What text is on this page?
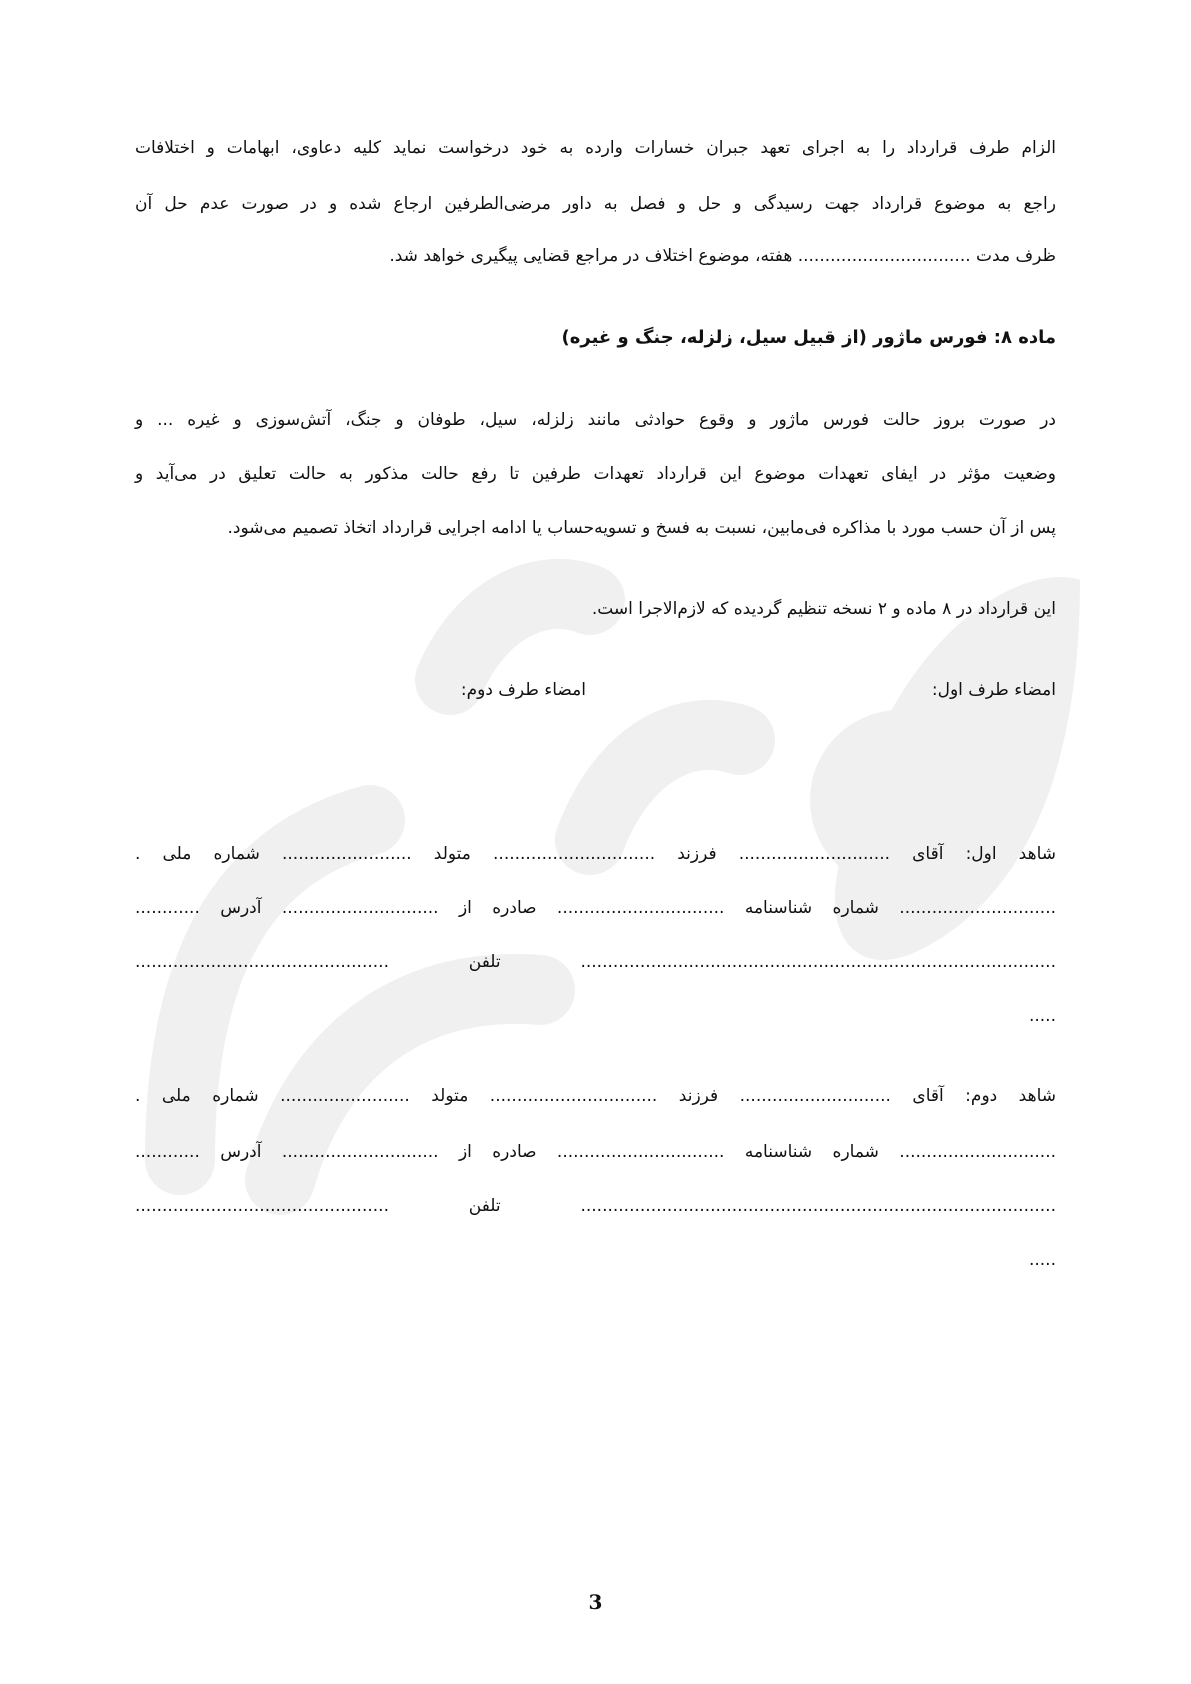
الزام طرف قرارداد را به اجرای تعهد جبران خسارات وارده به خود درخواست نماید کلیه دعاوی، ابهامات و اختلافات
راجع به موضوع قرارداد جهت رسیدگی و حل و فصل به داور مرضی‌الطرفین ارجاع شده و در صورت عدم حل آن
ظرف مدت ................................ هفته، موضوع اختلاف در مراجع قضایی پیگیری خواهد شد.
ماده ۸: فورس ماژور (از قبیل سیل، زلزله، جنگ و غیره)
در صورت بروز حالت فورس ماژور و وقوع حوادثی مانند زلزله، سیل، طوفان و جنگ، آتش‌سوزی و غیره ... و
وضعیت مؤثر در ایفای تعهدات موضوع این قرارداد تعهدات طرفین تا رفع حالت مذکور به حالت تعلیق در می‌آید و
پس از آن حسب مورد با مذاکره فی‌مابین، نسبت به فسخ و تسویه‌حساب یا ادامه اجرایی قرارداد اتخاذ تصمیم می‌شود.
این قرارداد در ۸ ماده و ۲ نسخه تنظیم گردیده که لازم‌الاجرا است.
امضاء طرف اول:
امضاء طرف دوم:
شاهد اول: آقای ............................ فرزند .............................. متولد ........................ شماره ملی .
............................. شماره شناسنامه ............................... صادره از ............................. آدرس ............
........................................................................................ تلفن ...............................................
.....
شاهد دوم: آقای ............................ فرزند ............................... متولد ........................ شماره ملی .
............................. شماره شناسنامه ............................... صادره از ............................. آدرس ............
........................................................................................ تلفن ...............................................
.....
3
